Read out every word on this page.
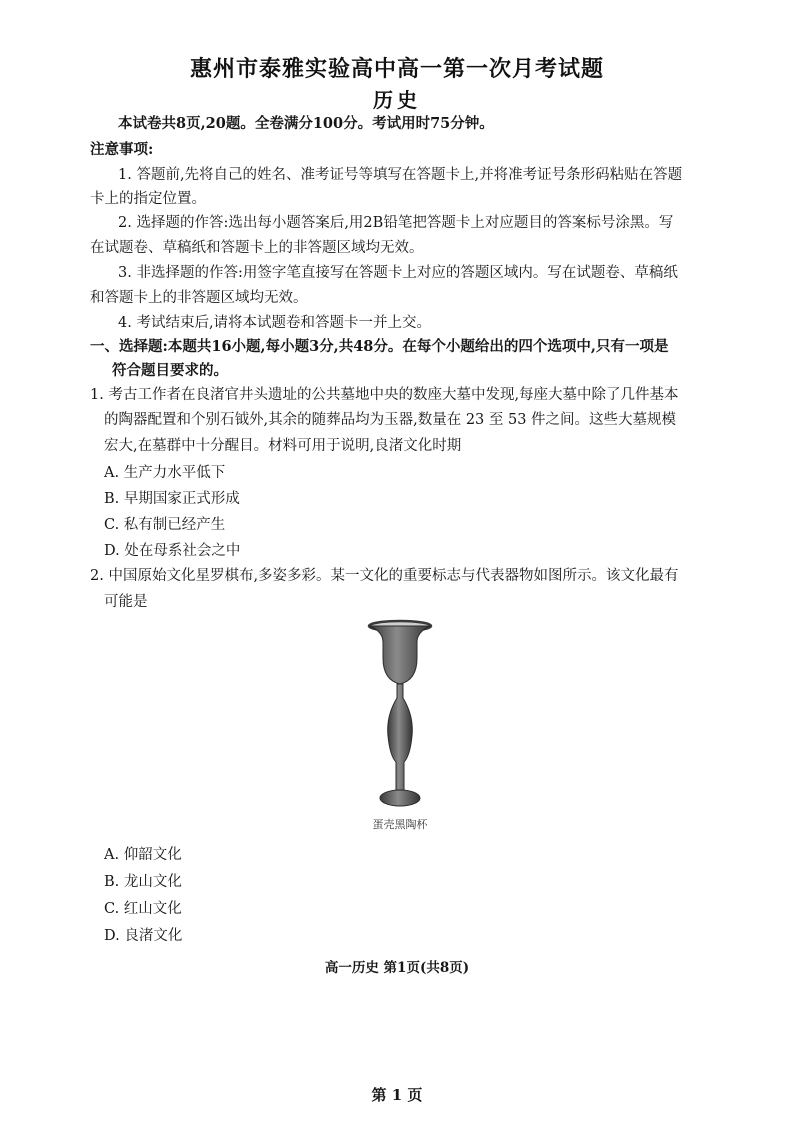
惠州市泰雅实验高中高一第一次月考试题
历史
本试卷共8页,20题。全卷满分100分。考试用时75分钟。
注意事项:
1. 答题前,先将自己的姓名、准考证号等填写在答题卡上,并将准考证号条形码粘贴在答题
卡上的指定位置。
2. 选择题的作答:选出每小题答案后,用2B铅笔把答题卡上对应题目的答案标号涂黑。写
在试题卷、草稿纸和答题卡上的非答题区域均无效。
3. 非选择题的作答:用签字笔直接写在答题卡上对应的答题区域内。写在试题卷、草稿纸
和答题卡上的非答题区域均无效。
4. 考试结束后,请将本试题卷和答题卡一并上交。
一、选择题:本题共16小题,每小题3分,共48分。在每个小题给出的四个选项中,只有一项是
符合题目要求的。
1. 考古工作者在良渚官井头遗址的公共墓地中央的数座大墓中发现,每座大墓中除了几件基本
的陶器配置和个别石钺外,其余的随葬品均为玉器,数量在 23 至 53 件之间。这些大墓规模
宏大,在墓群中十分醒目。材料可用于说明,良渚文化时期
A. 生产力水平低下
B. 早期国家正式形成
C. 私有制已经产生
D. 处在母系社会之中
2. 中国原始文化星罗棋布,多姿多彩。某一文化的重要标志与代表器物如图所示。该文化最有
可能是
蛋壳黑陶杯
A. 仰韶文化
B. 龙山文化
C. 红山文化
D. 良渚文化
高一历史 第1页(共8页)
第 1 页
